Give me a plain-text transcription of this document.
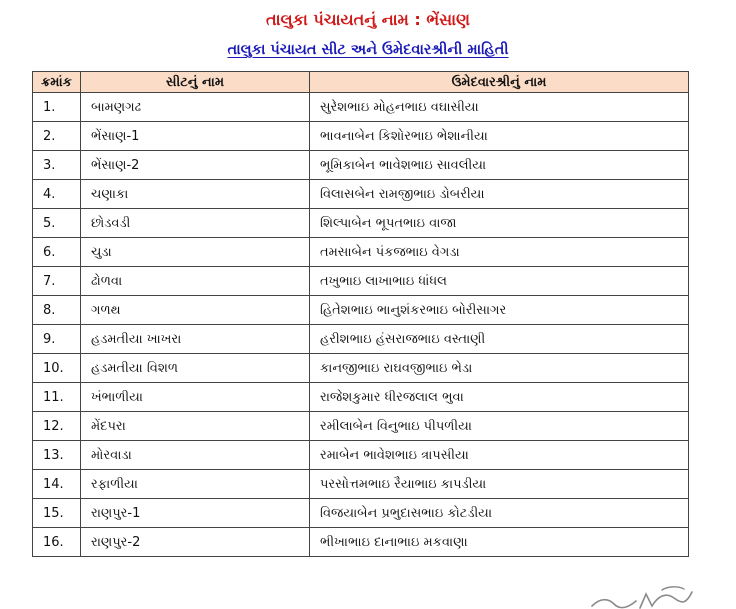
તાલુકા પંચાયતનું નામ : ભેંસાણ
તાલુકા પંચાયત સીટ અને ઉમેદવારશ્રીની માહિતી
ક્રમાંક	સીટનું નામ	ઉમેદવારશ્રીનું નામ
1.	બામણગઢ	સુરેશભાઇ મોહનભાઇ વઘાસીયા
2.	ભેંસાણ-1	ભાવનાબેન કિશોરભાઇ ભેશાનીયા
3.	ભેંસાણ-2	ભૂમિકાબેન ભાવેશભાઇ સાવલીયા
4.	ચણાકા	વિલાસબેન રામજીભાઇ ડોબરીયા
5.	છોડવડી	શિલ્પાબેન ભૂપતભાઇ વાજા
6.	ચુડા	તમસાબેન પંકજભાઇ વેગડા
7.	ઢોળવા	તખુભાઇ લાખાભાઇ ધાંધલ
8.	ગળથ	હિતેશભાઇ ભાનુશંકરભાઇ બોરીસાગર
9.	હડમતીયા ખાખરા	હરીશભાઇ હંસરાજભાઇ વસ્તાણી
10.	હડમતીયા વિશળ	કાનજીભાઇ રાઘવજીભાઇ ભેડા
11.	ખંભાળીયા	રાજેશકુમાર ધીરજલાલ ભુવા
12.	મેંદપરા	રમીલાબેન વિનુભાઇ પીપળીયા
13.	મોરવાડા	રમાબેન ભાવેશભાઇ ત્રાપસીયા
14.	રફાળીયા	પરસોત્તમભાઇ રૈયાભાઇ કાપડીયા
15.	રાણપુર-1	વિજયાબેન પ્રભુદાસભાઇ કોટડીયા
16.	રાણપુર-2	ભીખાભાઇ દાનાભાઇ મકવાણા
